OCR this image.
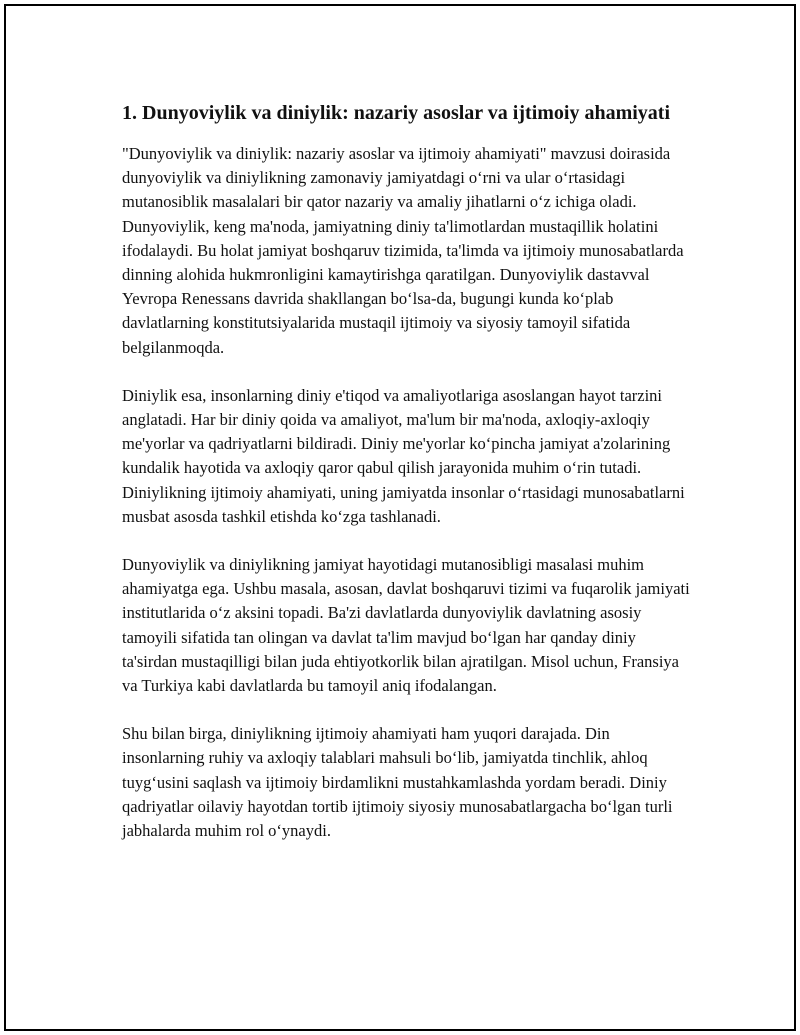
1. Dunyoviylik va diniylik: nazariy asoslar va ijtimoiy ahamiyati

"Dunyoviylik va diniylik: nazariy asoslar va ijtimoiy ahamiyati" mavzusi doirasida dunyoviylik va diniylikning zamonaviy jamiyatdagi o‘rni va ular o‘rtasidagi mutanosiblik masalalari bir qator nazariy va amaliy jihatlarni o‘z ichiga oladi. Dunyoviylik, keng ma'noda, jamiyatning diniy ta'limotlardan mustaqillik holatini ifodalaydi. Bu holat jamiyat boshqaruv tizimida, ta'limda va ijtimoiy munosabatlarda dinning alohida hukmronligini kamaytirishga qaratilgan. Dunyoviylik dastavval Yevropa Renessans davrida shakllangan bo‘lsa-da, bugungi kunda ko‘plab davlatlarning konstitutsiyalarida mustaqil ijtimoiy va siyosiy tamoyil sifatida belgilanmoqda.

Diniylik esa, insonlarning diniy e'tiqod va amaliyotlariga asoslangan hayot tarzini anglatadi. Har bir diniy qoida va amaliyot, ma'lum bir ma'noda, axloqiy-axloqiy me'yorlar va qadriyatlarni bildiradi. Diniy me'yorlar ko‘pincha jamiyat a'zolarining kundalik hayotida va axloqiy qaror qabul qilish jarayonida muhim o‘rin tutadi. Diniylikning ijtimoiy ahamiyati, uning jamiyatda insonlar o‘rtasidagi munosabatlarni musbat asosda tashkil etishda ko‘zga tashlanadi.

Dunyoviylik va diniylikning jamiyat hayotidagi mutanosibligi masalasi muhim ahamiyatga ega. Ushbu masala, asosan, davlat boshqaruvi tizimi va fuqarolik jamiyati institutlarida o‘z aksini topadi. Ba'zi davlatlarda dunyoviylik davlatning asosiy tamoyili sifatida tan olingan va davlat ta'lim mavjud bo‘lgan har qanday diniy ta'sirdan mustaqilligi bilan juda ehtiyotkorlik bilan ajratilgan. Misol uchun, Fransiya va Turkiya kabi davlatlarda bu tamoyil aniq ifodalangan.

Shu bilan birga, diniylikning ijtimoiy ahamiyati ham yuqori darajada. Din insonlarning ruhiy va axloqiy talablari mahsuli bo‘lib, jamiyatda tinchlik, ahloq tuyg‘usini saqlash va ijtimoiy birdamlikni mustahkamlashda yordam beradi. Diniy qadriyatlar oilaviy hayotdan tortib ijtimoiy siyosiy munosabatlargacha bo‘lgan turli jabhalarda muhim rol o‘ynaydi.
